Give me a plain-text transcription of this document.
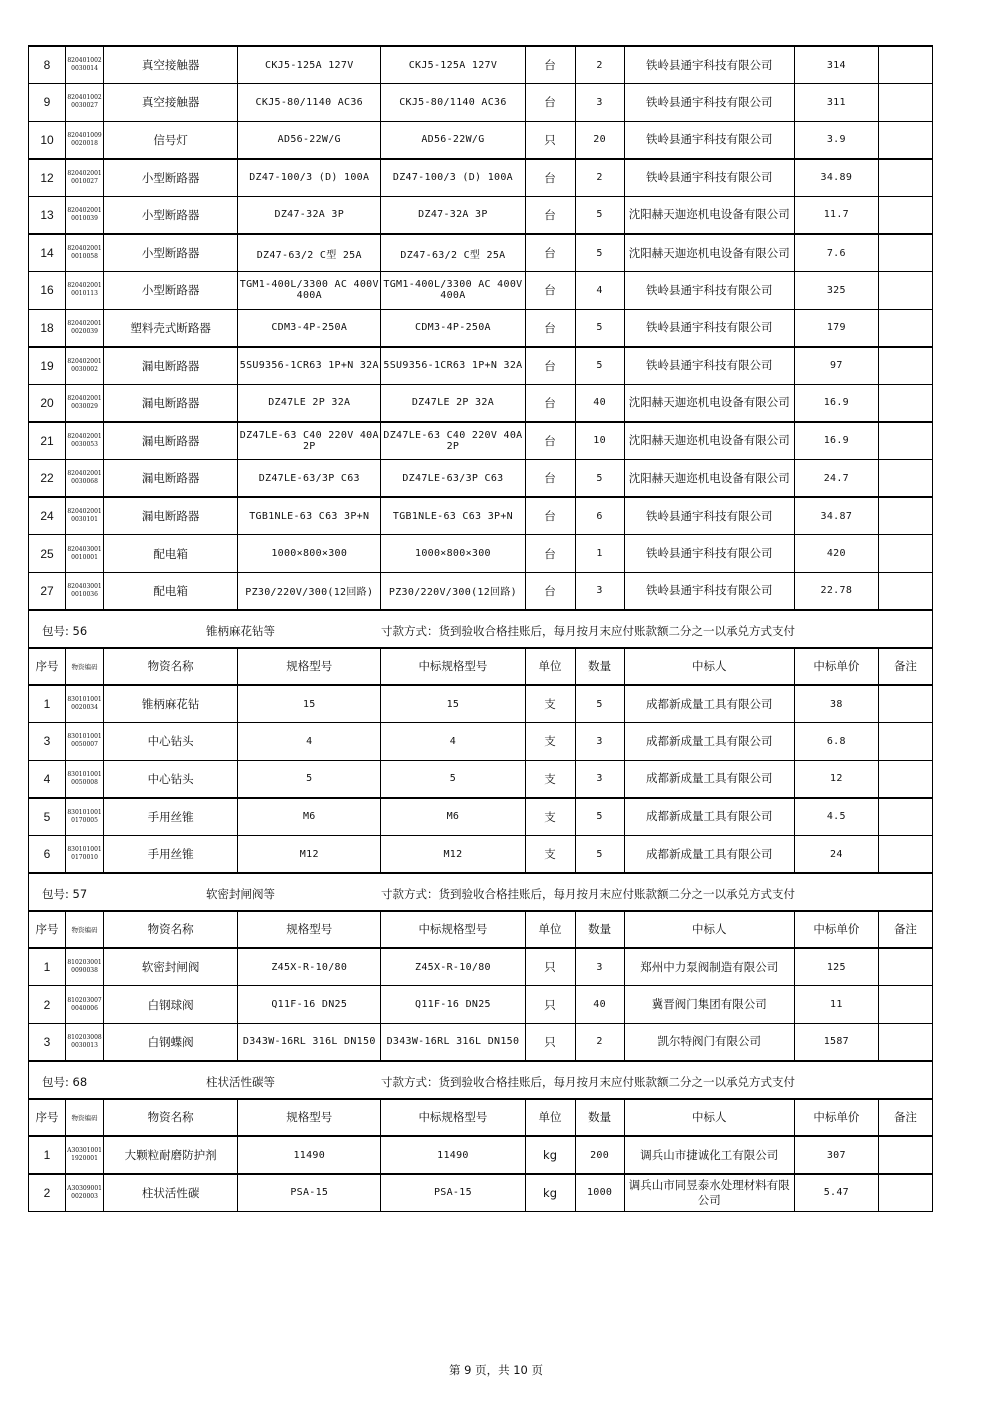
8	820401002 0030014	真空接触器	CKJ5-125A 127V	CKJ5-125A 127V	台	2	铁岭县通宇科技有限公司	314	
9	820401002 0030027	真空接触器	CKJ5-80/1140 AC36	CKJ5-80/1140 AC36	台	3	铁岭县通宇科技有限公司	311	
10	820401009 0020018	信号灯	AD56-22W/G	AD56-22W/G	只	20	铁岭县通宇科技有限公司	3.9	
12	820402001 0010027	小型断路器	DZ47-100/3 (D) 100A	DZ47-100/3 (D) 100A	台	2	铁岭县通宇科技有限公司	34.89	
13	820402001 0010039	小型断路器	DZ47-32A 3P	DZ47-32A 3P	台	5	沈阳赫天迦迩机电设备有限公司	11.7	
14	820402001 0010058	小型断路器	DZ47-63/2 C型 25A	DZ47-63/2 C型 25A	台	5	沈阳赫天迦迩机电设备有限公司	7.6	
16	820402001 0010113	小型断路器	TGM1-400L/3300 AC 400V 400A	TGM1-400L/3300 AC 400V 400A	台	4	铁岭县通宇科技有限公司	325	
18	820402001 0020039	塑料壳式断路器	CDM3-4P-250A	CDM3-4P-250A	台	5	铁岭县通宇科技有限公司	179	
19	820402001 0030002	漏电断路器	5SU9356-1CR63 1P+N 32A	5SU9356-1CR63 1P+N 32A	台	5	铁岭县通宇科技有限公司	97	
20	820402001 0030029	漏电断路器	DZ47LE 2P 32A	DZ47LE 2P 32A	台	40	沈阳赫天迦迩机电设备有限公司	16.9	
21	820402001 0030053	漏电断路器	DZ47LE-63 C40 220V 40A 2P	DZ47LE-63 C40 220V 40A 2P	台	10	沈阳赫天迦迩机电设备有限公司	16.9	
22	820402001 0030068	漏电断路器	DZ47LE-63/3P C63	DZ47LE-63/3P C63	台	5	沈阳赫天迦迩机电设备有限公司	24.7	
24	820402001 0030101	漏电断路器	TGB1NLE-63 C63 3P+N	TGB1NLE-63 C63 3P+N	台	6	铁岭县通宇科技有限公司	34.87	
25	820403001 0010001	配电箱	1000×800×300	1000×800×300	台	1	铁岭县通宇科技有限公司	420	
27	820403001 0010036	配电箱	PZ30/220V/300(12回路)	PZ30/220V/300(12回路)	台	3	铁岭县通宇科技有限公司	22.78	

包号: 56 锥柄麻花钻等 寸款方式：货到验收合格挂账后，每月按月末应付账款额二分之一以承兑方式支付									

序号	物资编码	物资名称	规格型号	中标规格型号	单位	数量	中标人	中标单价	备注
1	830101001 0020034	锥柄麻花钻	15	15	支	5	成都新成量工具有限公司	38	
3	830101001 0050007	中心钻头	4	4	支	3	成都新成量工具有限公司	6.8	
4	830101001 0050008	中心钻头	5	5	支	3	成都新成量工具有限公司	12	
5	830101001 0170005	手用丝锥	M6	M6	支	5	成都新成量工具有限公司	4.5	
6	830101001 0170010	手用丝锥	M12	M12	支	5	成都新成量工具有限公司	24	

包号: 57 软密封闸阀等 寸款方式：货到验收合格挂账后，每月按月末应付账款额二分之一以承兑方式支付									

序号	物资编码	物资名称	规格型号	中标规格型号	单位	数量	中标人	中标单价	备注
1	810203001 0090038	软密封闸阀	Z45X-R-10/80	Z45X-R-10/80	只	3	郑州中力泵阀制造有限公司	125	
2	810203007 0040006	白钢球阀	Q11F-16 DN25	Q11F-16 DN25	只	40	冀晋阀门集团有限公司	11	
3	810203008 0030013	白钢蝶阀	D343W-16RL 316L DN150	D343W-16RL 316L DN150	只	2	凯尔特阀门有限公司	1587	

包号: 68 柱状活性碳等 寸款方式：货到验收合格挂账后，每月按月末应付账款额二分之一以承兑方式支付									

序号	物资编码	物资名称	规格型号	中标规格型号	单位	数量	中标人	中标单价	备注
1	A30301001 1920001	大颗粒耐磨防护剂	11490	11490	kg	200	调兵山市捷诚化工有限公司	307	
2	A30309001 0020003	柱状活性碳	PSA-15	PSA-15	kg	1000	调兵山市同昱泰水处理材料有限公司	5.47	
第 9 页，共 10 页
